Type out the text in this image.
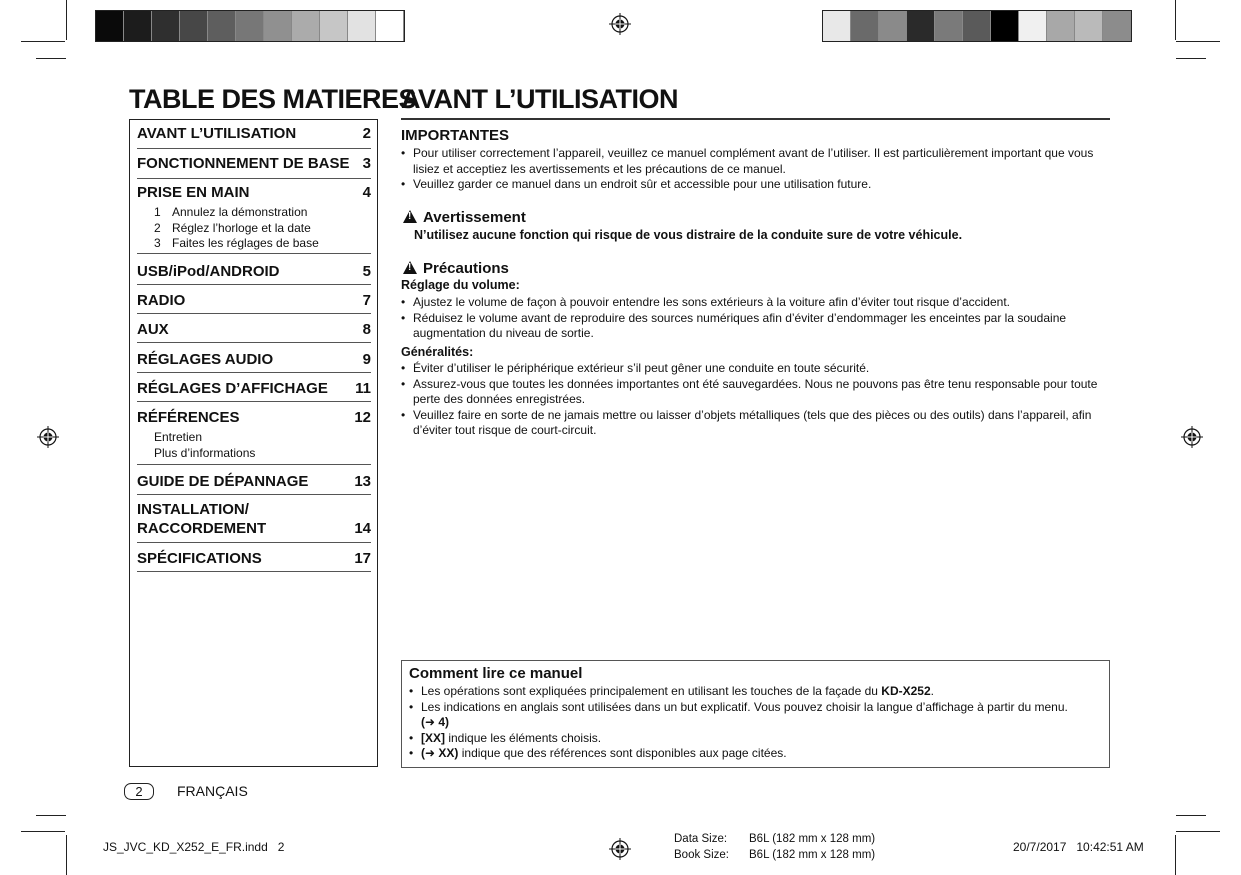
TABLE DES MATIERES
AVANT L’UTILISATION	2
FONCTIONNEMENT DE BASE 3
PRISE EN MAIN	4
1 Annulez la démonstration
2 Réglez l’horloge et la date
3 Faites les réglages de base
USB/iPod/ANDROID	5
RADIO	7
AUX	8
RÉGLAGES AUDIO	9
RÉGLAGES D’AFFICHAGE 11
RÉFÉRENCES	12
Entretien
Plus d’informations
GUIDE DE DÉPANNAGE	13
INSTALLATION/
RACCORDEMENT	14
SPÉCIFICATIONS	17
AVANT L’UTILISATION
IMPORTANTES
• Pour utiliser correctement l’appareil, veuillez ce manuel complément avant de l’utiliser. Il est particulièrement important que vous lisiez et acceptiez les avertissements et les précautions de ce manuel.
• Veuillez garder ce manuel dans un endroit sûr et accessible pour une utilisation future.
!Avertissement
N’utilisez aucune fonction qui risque de vous distraire de la conduite sure de votre véhicule.
!Précautions
Réglage du volume:
• Ajustez le volume de façon à pouvoir entendre les sons extérieurs à la voiture afin d’éviter tout risque d’accident.
• Réduisez le volume avant de reproduire des sources numériques afin d’éviter d’endommager les enceintes par la soudaine augmentation du niveau de sortie.
Généralités:
• Éviter d’utiliser le périphérique extérieur s’il peut gêner une conduite en toute sécurité.
• Assurez-vous que toutes les données importantes ont été sauvegardées. Nous ne pouvons pas être tenu responsable pour toute perte des données enregistrées.
• Veuillez faire en sorte de ne jamais mettre ou laisser d’objets métalliques (tels que des pièces ou des outils) dans l’appareil, afin d’éviter tout risque de court-circuit.
Comment lire ce manuel
• Les opérations sont expliquées principalement en utilisant les touches de la façade du KD-X252.
• Les indications en anglais sont utilisées dans un but explicatif. Vous pouvez choisir la langue d’affichage à partir du menu.
(➜ 4)
• [XX] indique les éléments choisis.
• (➜ XX) indique que des références sont disponibles aux page citées.
2	FRANÇAIS
JS_JVC_KD_X252_E_FR.indd   2
Data Size: B6L (182 mm x 128 mm)
Book Size: B6L (182 mm x 128 mm)
20/7/2017   10:42:51 AM
